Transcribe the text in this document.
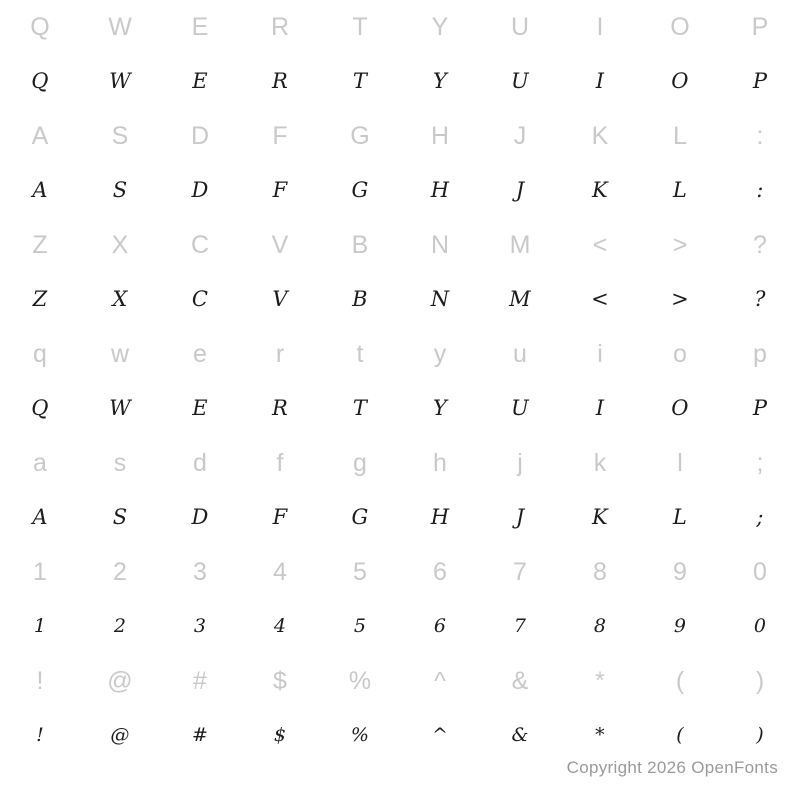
Q	W	E	R	T	Y	U	I	O	P
Q	W	E	R	T	Y	U	I	O	P
A	S	D	F	G	H	J	K	L	:
A	S	D	F	G	H	J	K	L	:
Z	X	C	V	B	N	M	<	>	?
Z	X	C	V	B	N	M	<	>	?
q	w	e	r	t	y	u	i	o	p
Q	W	E	R	T	Y	U	I	O	P
a	s	d	f	g	h	j	k	l	;
A	S	D	F	G	H	J	K	L	;
1	2	3	4	5	6	7	8	9	0
1	2	3	4	5	6	7	8	9	0
!	@	#	$	%	^	&	*	(	)
!	@	#	$	%	^	&	*	(	)
Copyright 2026 OpenFonts
